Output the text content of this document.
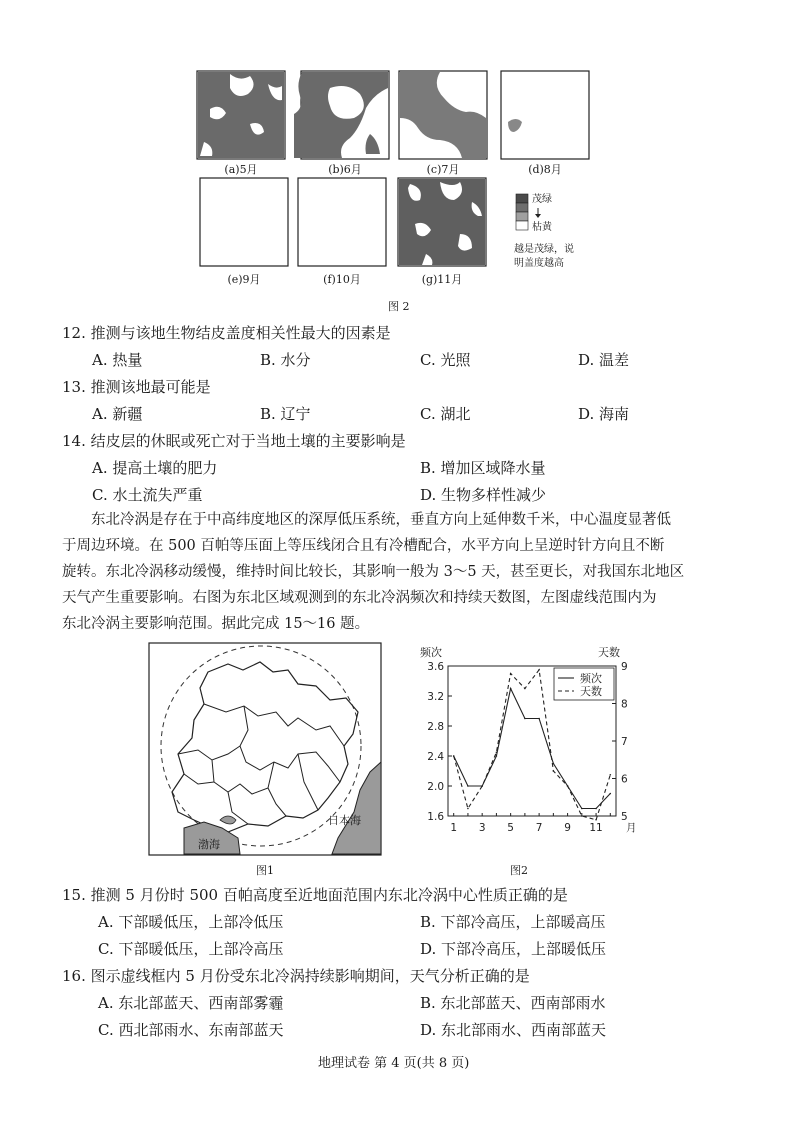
(a)5月	(b)6月	(c)7月	(d)8月
(e)9月	(f)10月	(g)11月
茂绿
枯黄
越是茂绿，说
明盖度越高
图 2
12. 推测与该地生物结皮盖度相关性最大的因素是
A. 热量	B. 水分	C. 光照	D. 温差
13. 推测该地最可能是
A. 新疆	B. 辽宁	C. 湖北	D. 海南
14. 结皮层的休眠或死亡对于当地土壤的主要影响是
A. 提高土壤的肥力	B. 增加区域降水量
C. 水土流失严重	D. 生物多样性减少
东北冷涡是存在于中高纬度地区的深厚低压系统，垂直方向上延伸数千米，中心温度显著低
于周边环境。在 500 百帕等压面上等压线闭合且有冷槽配合，水平方向上呈逆时针方向且不断
旋转。东北冷涡移动缓慢，维持时间比较长，其影响一般为 3～5 天，甚至更长，对我国东北地区
天气产生重要影响。右图为东北区域观测到的东北冷涡频次和持续天数图，左图虚线范围内为
东北冷涡主要影响范围。据此完成 15～16 题。
日本海
渤海
图1
1.6
2.0
2.4
2.8
3.2
3.6
5
6
7
8
9
1 3 5 7 9 11 月
频次	天数
频次
天数
图2
15. 推测 5 月份时 500 百帕高度至近地面范围内东北冷涡中心性质正确的是
A. 下部暖低压，上部冷低压	B. 下部冷高压，上部暖高压
C. 下部暖低压，上部冷高压	D. 下部冷高压，上部暖低压
16. 图示虚线框内 5 月份受东北冷涡持续影响期间，天气分析正确的是
A. 东北部蓝天、西南部雾霾	B. 东北部蓝天、西南部雨水
C. 西北部雨水、东南部蓝天	D. 东北部雨水、西南部蓝天
地理试卷 第 4 页(共 8 页)
